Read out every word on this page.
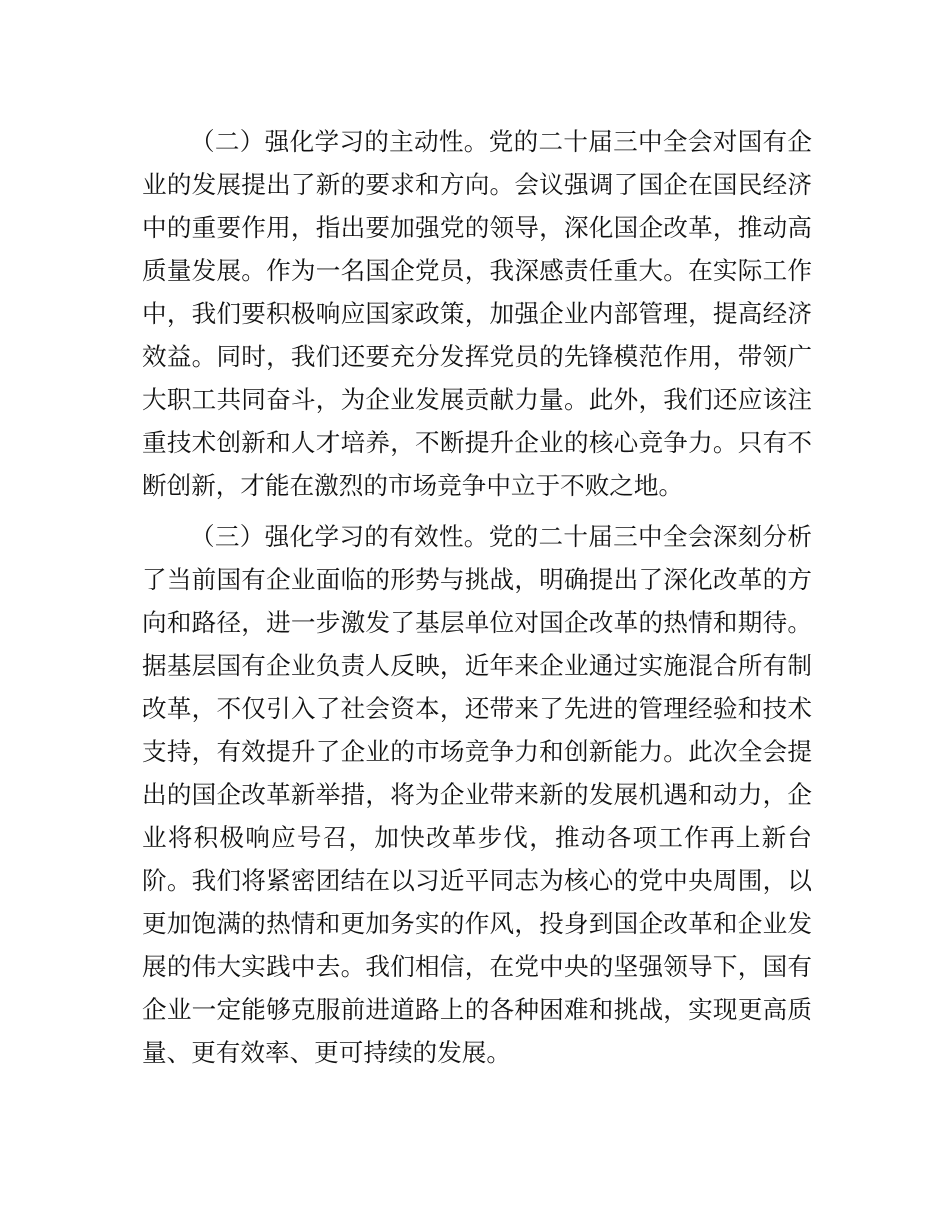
（二）强化学习的主动性。党的二十届三中全会对国有企
业的发展提出了新的要求和方向。会议强调了国企在国民经济
中的重要作用，指出要加强党的领导，深化国企改革，推动高
质量发展。作为一名国企党员，我深感责任重大。在实际工作
中，我们要积极响应国家政策，加强企业内部管理，提高经济
效益。同时，我们还要充分发挥党员的先锋模范作用，带领广
大职工共同奋斗，为企业发展贡献力量。此外，我们还应该注
重技术创新和人才培养，不断提升企业的核心竞争力。只有不
断创新，才能在激烈的市场竞争中立于不败之地。
（三）强化学习的有效性。党的二十届三中全会深刻分析
了当前国有企业面临的形势与挑战，明确提出了深化改革的方
向和路径，进一步激发了基层单位对国企改革的热情和期待。
据基层国有企业负责人反映，近年来企业通过实施混合所有制
改革，不仅引入了社会资本，还带来了先进的管理经验和技术
支持，有效提升了企业的市场竞争力和创新能力。此次全会提
出的国企改革新举措，将为企业带来新的发展机遇和动力，企
业将积极响应号召，加快改革步伐，推动各项工作再上新台
阶。我们将紧密团结在以习近平同志为核心的党中央周围，以
更加饱满的热情和更加务实的作风，投身到国企改革和企业发
展的伟大实践中去。我们相信，在党中央的坚强领导下，国有
企业一定能够克服前进道路上的各种困难和挑战，实现更高质
量、更有效率、更可持续的发展。
